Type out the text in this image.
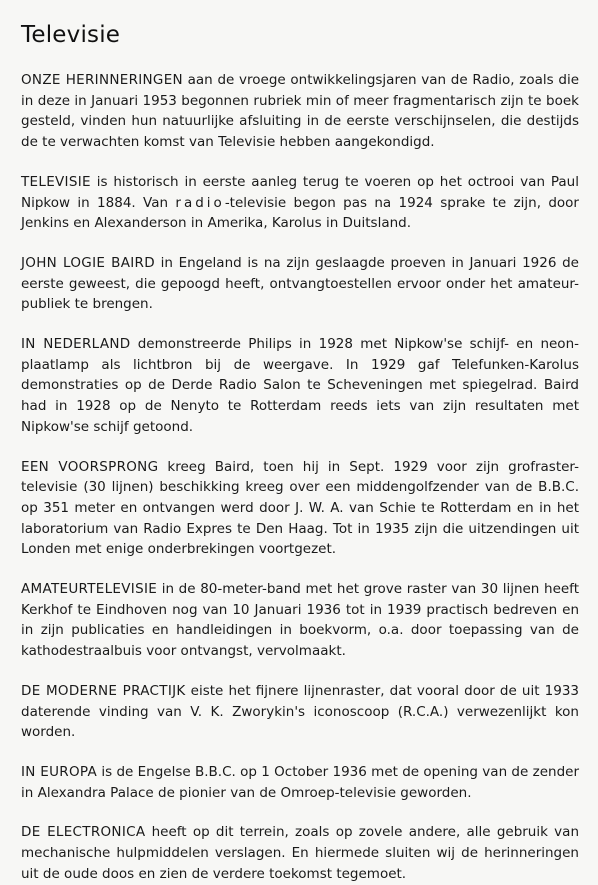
Televisie

ONZE HERINNERINGEN aan de vroege ontwikkelingsjaren van de Radio, zoals die in deze in Januari 1953 begonnen rubriek min of meer fragmentarisch zijn te boek gesteld, vinden hun natuurlijke afsluiting in de eerste verschijnselen, die destijds de te verwachten komst van Televisie hebben aangekondigd.

TELEVISIE is historisch in eerste aanleg terug te voeren op het octrooi van Paul Nipkow in 1884. Van radio-televisie begon pas na 1924 sprake te zijn, door Jenkins en Alexanderson in Amerika, Karolus in Duitsland.

JOHN LOGIE BAIRD in Engeland is na zijn geslaagde proeven in Januari 1926 de eerste geweest, die gepoogd heeft, ontvangtoestellen ervoor onder het amateur-publiek te brengen.

IN NEDERLAND demonstreerde Philips in 1928 met Nipkow'se schijf- en neon-plaatlamp als lichtbron bij de weergave. In 1929 gaf Telefunken-Karolus demonstraties op de Derde Radio Salon te Scheveningen met spiegelrad. Baird had in 1928 op de Nenyto te Rotterdam reeds iets van zijn resultaten met Nipkow'se schijf getoond.

EEN VOORSPRONG kreeg Baird, toen hij in Sept. 1929 voor zijn grofraster-televisie (30 lijnen) beschikking kreeg over een middengolfzender van de B.B.C. op 351 meter en ontvangen werd door J. W. A. van Schie te Rotterdam en in het laboratorium van Radio Expres te Den Haag. Tot in 1935 zijn die uitzendingen uit Londen met enige onderbrekingen voortgezet.

AMATEURTELEVISIE in de 80-meter-band met het grove raster van 30 lijnen heeft Kerkhof te Eindhoven nog van 10 Januari 1936 tot in 1939 practisch bedreven en in zijn publicaties en handleidingen in boekvorm, o.a. door toepassing van de kathodestraalbuis voor ontvangst, vervolmaakt.

DE MODERNE PRACTIJK eiste het fijnere lijnenraster, dat vooral door de uit 1933 daterende vinding van V. K. Zworykin's iconoscoop (R.C.A.) verwezenlijkt kon worden.

IN EUROPA is de Engelse B.B.C. op 1 October 1936 met de opening van de zender in Alexandra Palace de pionier van de Omroep-televisie geworden.

DE ELECTRONICA heeft op dit terrein, zoals op zovele andere, alle gebruik van mechanische hulpmiddelen verslagen. En hiermede sluiten wij de herinneringen uit de oude doos en zien de verdere toekomst tegemoet.
